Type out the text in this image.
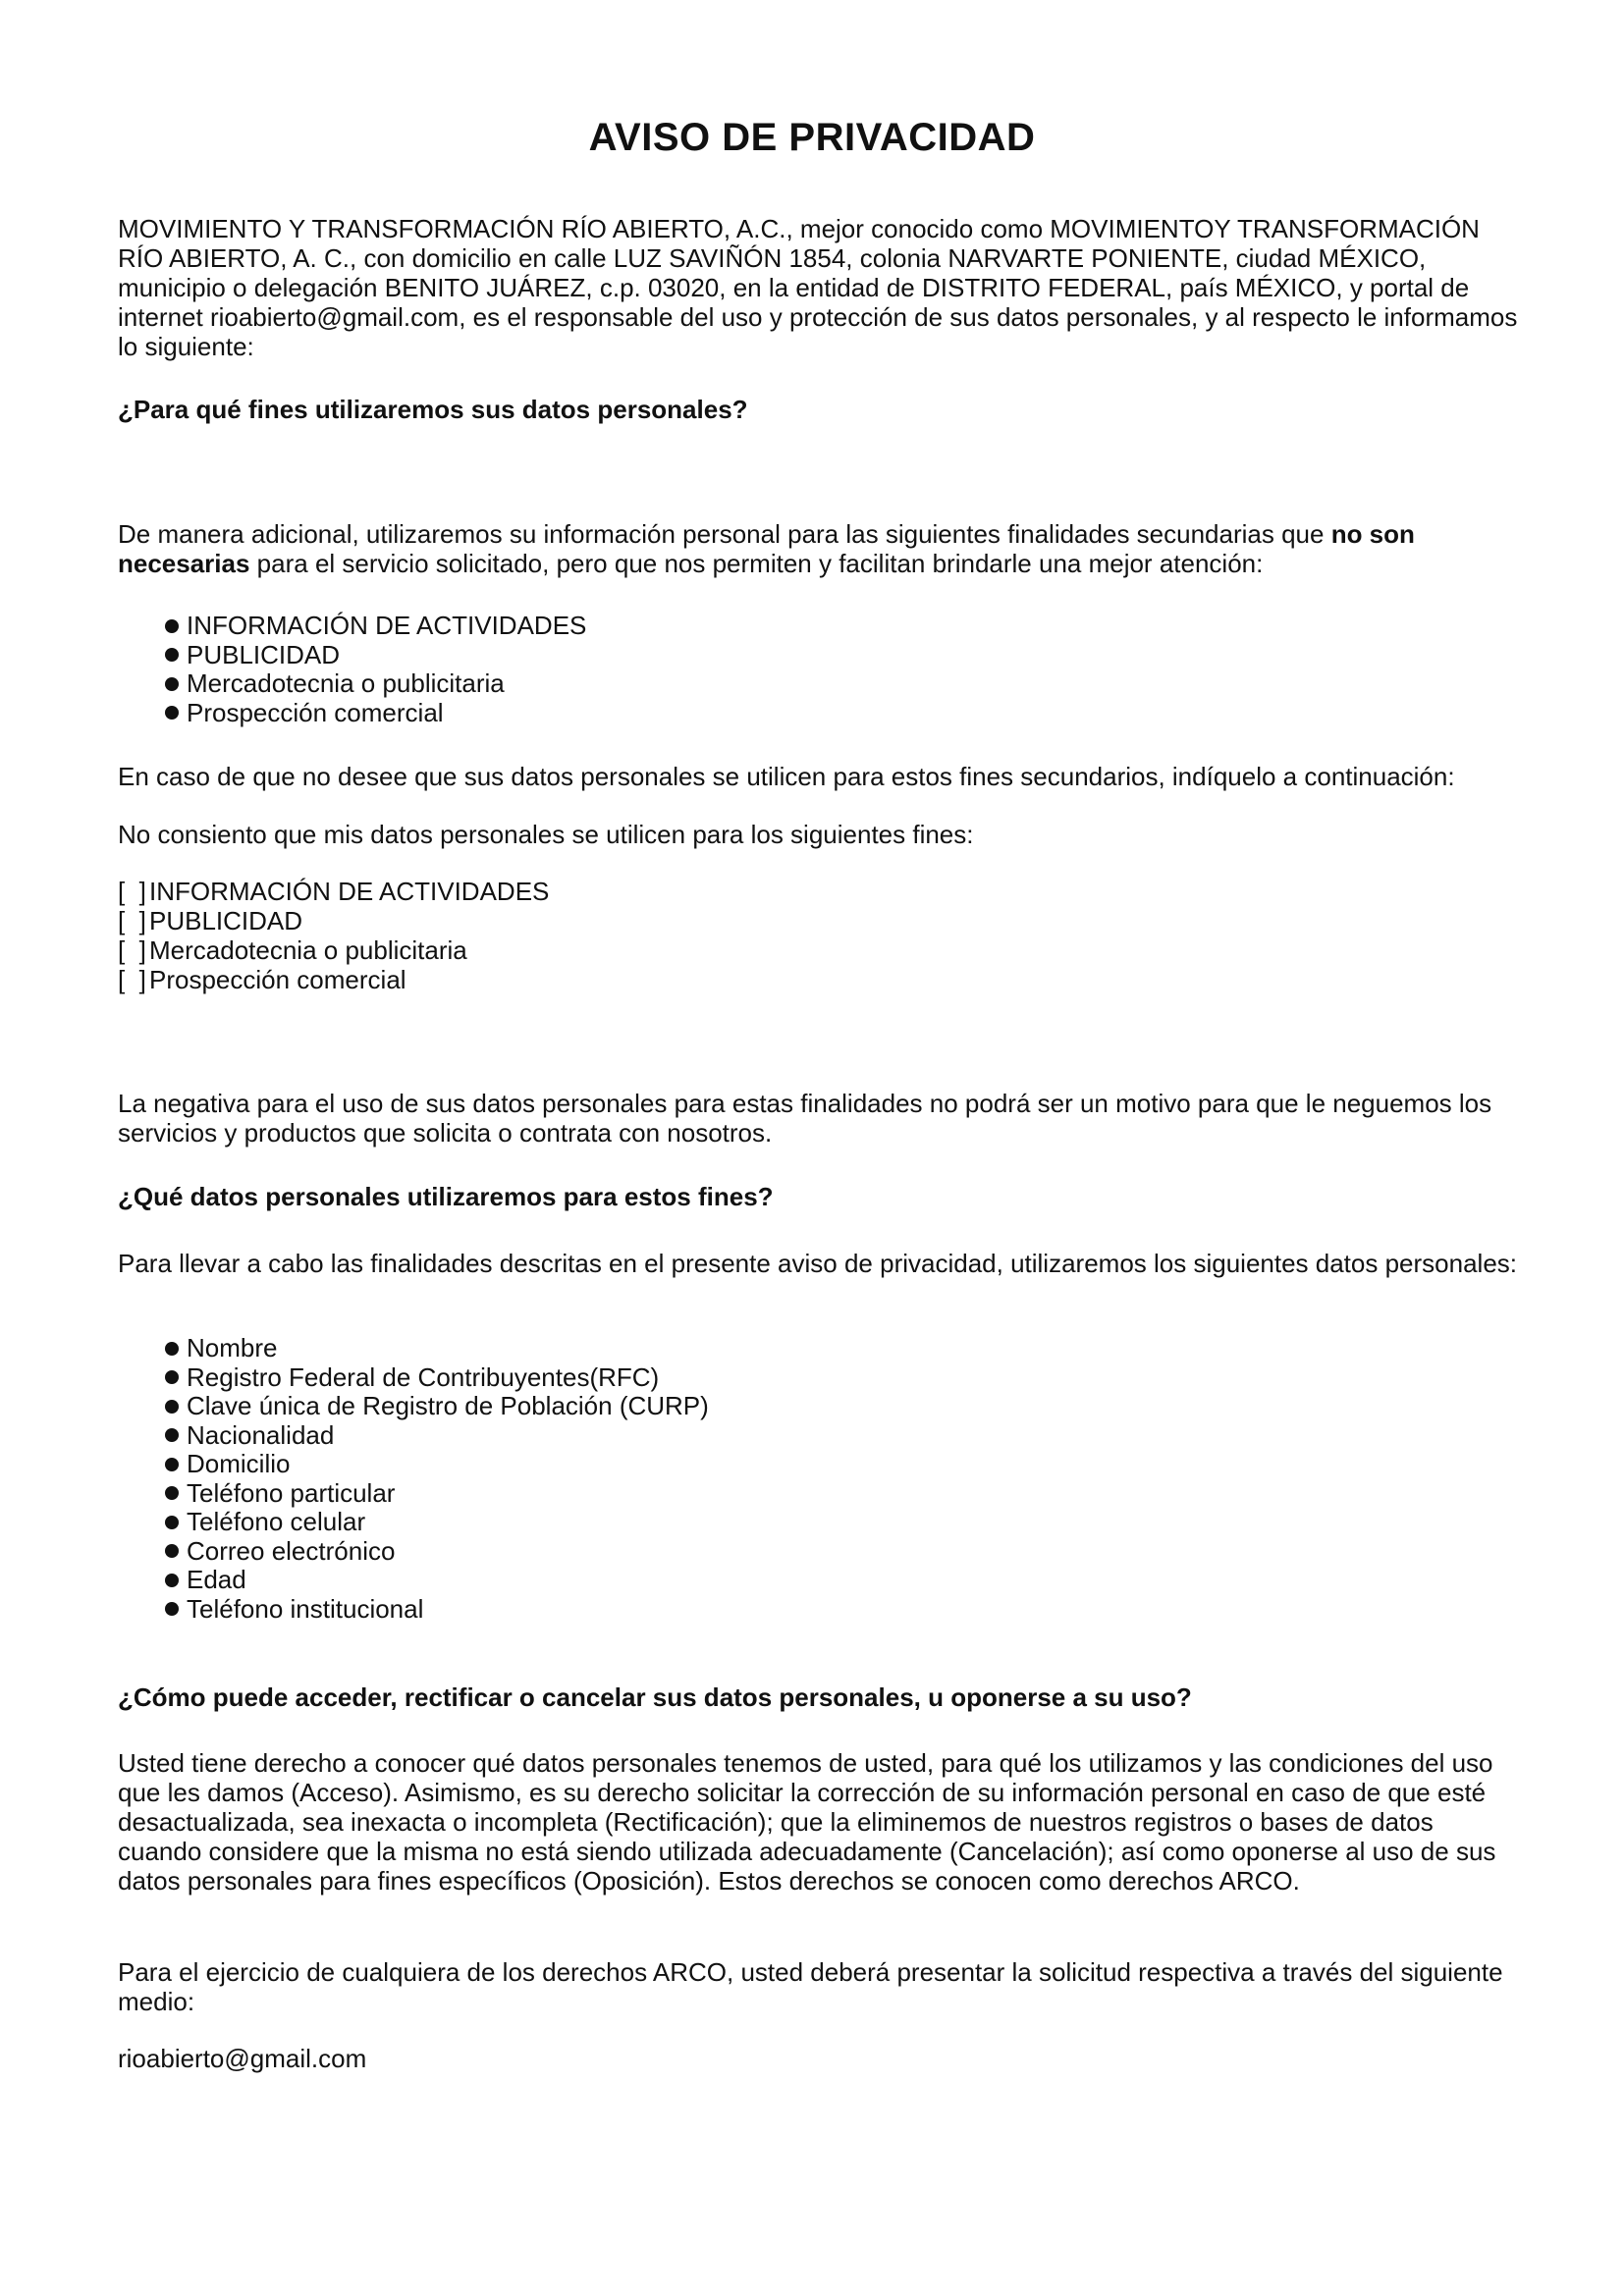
AVISO DE PRIVACIDAD

MOVIMIENTO Y TRANSFORMACIÓN RÍO ABIERTO, A.C., mejor conocido como MOVIMIENTOY TRANSFORMACIÓN RÍO ABIERTO, A. C., con domicilio en calle LUZ SAVIÑÓN 1854, colonia NARVARTE PONIENTE, ciudad MÉXICO, municipio o delegación BENITO JUÁREZ, c.p. 03020, en la entidad de DISTRITO FEDERAL, país MÉXICO, y portal de internet rioabierto@gmail.com, es el responsable del uso y protección de sus datos personales, y al respecto le informamos lo siguiente:

¿Para qué fines utilizaremos sus datos personales?

De manera adicional, utilizaremos su información personal para las siguientes finalidades secundarias que no son necesarias para el servicio solicitado, pero que nos permiten y facilitan brindarle una mejor atención:

INFORMACIÓN DE ACTIVIDADES
PUBLICIDAD
Mercadotecnia o publicitaria
Prospección comercial
En caso de que no desee que sus datos personales se utilicen para estos fines secundarios, indíquelo a continuación:
No consiento que mis datos personales se utilicen para los siguientes fines:
[  ] INFORMACIÓN DE ACTIVIDADES
[  ] PUBLICIDAD
[  ] Mercadotecnia o publicitaria
[  ] Prospección comercial
La negativa para el uso de sus datos personales para estas finalidades no podrá ser un motivo para que le neguemos los servicios y productos que solicita o contrata con nosotros.
¿Qué datos personales utilizaremos para estos fines?
Para llevar a cabo las finalidades descritas en el presente aviso de privacidad, utilizaremos los siguientes datos personales:
Nombre
Registro Federal de Contribuyentes(RFC)
Clave única de Registro de Población (CURP)
Nacionalidad
Domicilio
Teléfono particular
Teléfono celular
Correo electrónico
Edad
Teléfono institucional
¿Cómo puede acceder, rectificar o cancelar sus datos personales, u oponerse a su uso?
Usted tiene derecho a conocer qué datos personales tenemos de usted, para qué los utilizamos y las condiciones del uso que les damos (Acceso). Asimismo, es su derecho solicitar la corrección de su información personal en caso de que esté desactualizada, sea inexacta o incompleta (Rectificación); que la eliminemos de nuestros registros o bases de datos cuando considere que la misma no está siendo utilizada adecuadamente (Cancelación); así como oponerse al uso de sus datos personales para fines específicos (Oposición). Estos derechos se conocen como derechos ARCO.
Para el ejercicio de cualquiera de los derechos ARCO, usted deberá presentar la solicitud respectiva a través del siguiente medio:
rioabierto@gmail.com
